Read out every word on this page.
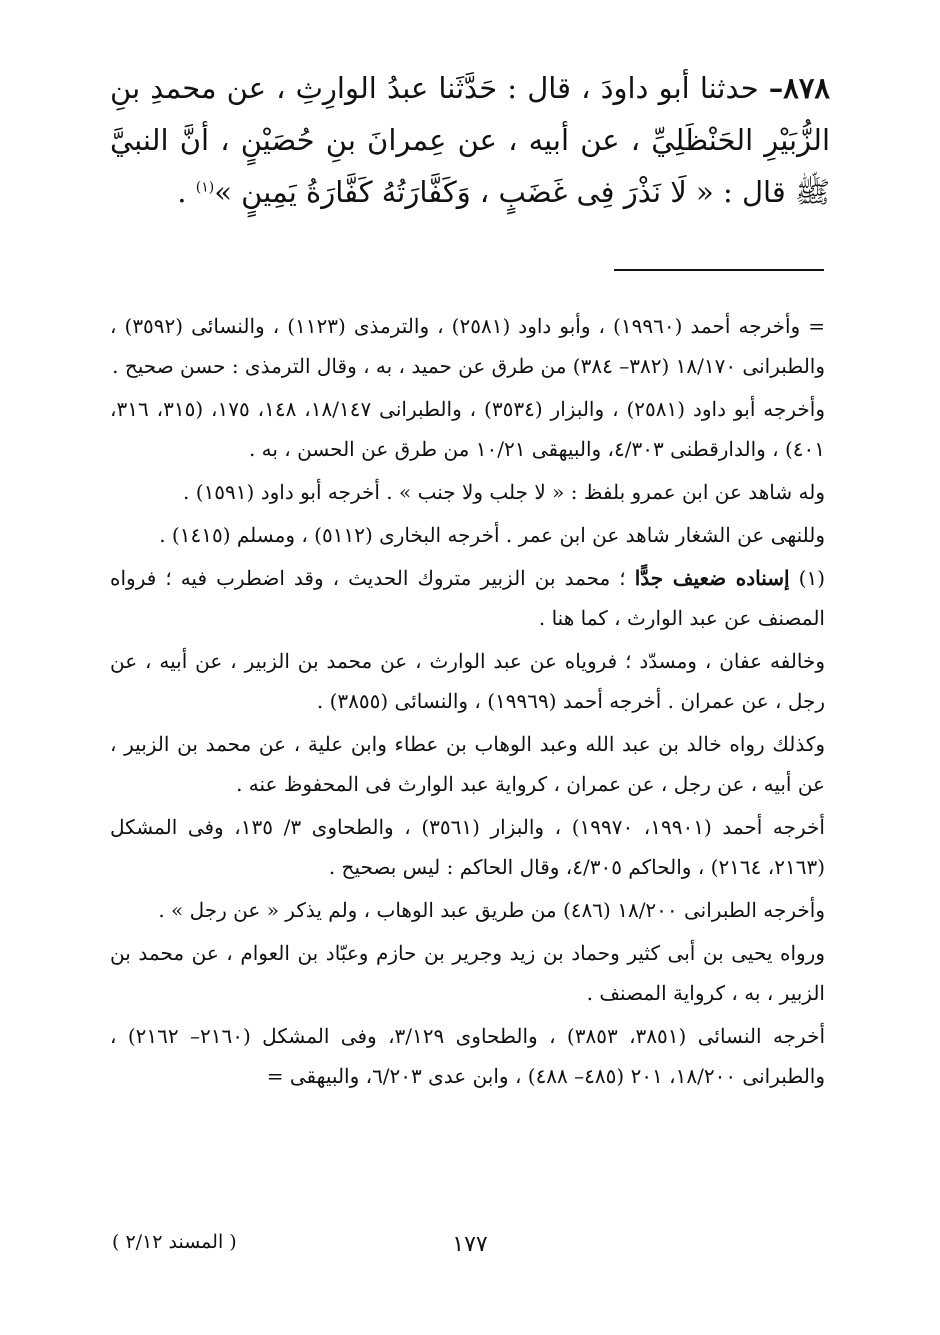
٨٧٨– حدثنا أبو داودَ ، قال : حَدَّثَنا عبدُ الوارِثِ ، عن محمدِ بنِ الزُّبَيْرِ الحَنْظَلِيِّ ، عن أبيه ، عن عِمرانَ بنِ حُصَيْنٍ ، أنَّ النبيَّ ﷺ قال : « لَا نَذْرَ فِى غَضَبٍ ، وَكَفَّارَتُهُ كَفَّارَةُ يَمِينٍ »$^{(١)}$ .

= وأخرجه أحمد (١٩٩٦٠) ، وأبو داود (٢٥٨١) ، والترمذى (١١٢٣) ، والنسائى (٣٥٩٢) ، والطبرانى ١٨/١٧٠ (٣٨٢– ٣٨٤) من طرق عن حميد ، به ، وقال الترمذى : حسن صحيح .

وأخرجه أبو داود (٢٥٨١) ، والبزار (٣٥٣٤) ، والطبرانى ١٨/١٤٧، ١٤٨، ١٧٥، (٣١٥، ٣١٦، ٤٠١) ، والدارقطنى ٤/٣٠٣، والبيهقى ١٠/٢١ من طرق عن الحسن ، به .

وله شاهد عن ابن عمرو بلفظ : « لا جلب ولا جنب » . أخرجه أبو داود (١٥٩١) .

وللنهى عن الشغار شاهد عن ابن عمر . أخرجه البخارى (٥١١٢) ، ومسلم (١٤١٥) .

(١) إسناده ضعيف جدًّا ؛ محمد بن الزبير متروك الحديث ، وقد اضطرب فيه ؛ فرواه المصنف عن عبد الوارث ، كما هنا .

وخالفه عفان ، ومسدّد ؛ فروياه عن عبد الوارث ، عن محمد بن الزبير ، عن أبيه ، عن رجل ، عن عمران . أخرجه أحمد (١٩٩٦٩) ، والنسائى (٣٨٥٥) .

وكذلك رواه خالد بن عبد الله وعبد الوهاب بن عطاء وابن علية ، عن محمد بن الزبير ، عن أبيه ، عن رجل ، عن عمران ، كرواية عبد الوارث فى المحفوظ عنه .

أخرجه أحمد (١٩٩٠١، ١٩٩٧٠) ، والبزار (٣٥٦١) ، والطحاوى ٣/ ١٣٥، وفى المشكل (٢١٦٣، ٢١٦٤) ، والحاكم ٤/٣٠٥، وقال الحاكم : ليس بصحيح .

وأخرجه الطبرانى ١٨/٢٠٠ (٤٨٦) من طريق عبد الوهاب ، ولم يذكر « عن رجل » .

ورواه يحيى بن أبى كثير وحماد بن زيد وجرير بن حازم وعبّاد بن العوام ، عن محمد بن الزبير ، به ، كرواية المصنف .

أخرجه النسائى (٣٨٥١، ٣٨٥٣) ، والطحاوى ٣/١٢٩، وفى المشكل (٢١٦٠– ٢١٦٢) ، والطبرانى ١٨/٢٠٠، ٢٠١ (٤٨٥– ٤٨٨) ، وابن عدى ٦/٢٠٣، والبيهقى =

( المسند ٢/١٢ )	١٧٧
